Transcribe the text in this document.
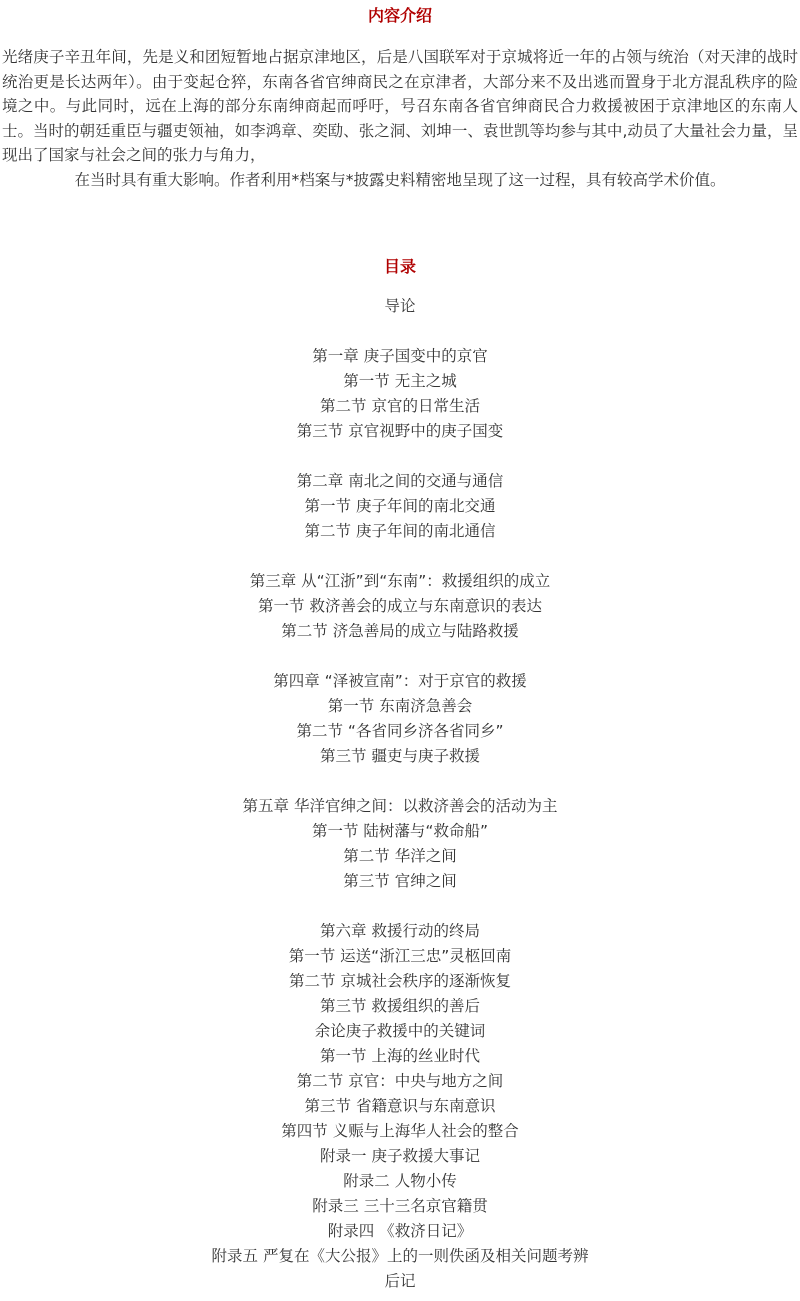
内容介绍

光绪庚子辛丑年间，先是义和团短暂地占据京津地区，后是八国联军对于京城将近一年的占领与统治（对天津的战时统治更是长达两年）。由于变起仓猝，东南各省官绅商民之在京津者，大部分来不及出逃而置身于北方混乱秩序的险境之中。与此同时，远在上海的部分东南绅商起而呼吁，号召东南各省官绅商民合力救援被困于京津地区的东南人士。当时的朝廷重臣与疆吏领袖，如李鸿章、奕劻、张之洞、刘坤一、袁世凯等均参与其中,动员了大量社会力量，呈现出了国家与社会之间的张力与角力，
在当时具有重大影响。作者利用*档案与*披露史料精密地呈现了这一过程，具有较高学术价值。

目录
导论
第一章 庚子国变中的京官
第一节 无主之城
第二节 京官的日常生活
第三节 京官视野中的庚子国变
第二章 南北之间的交通与通信
第一节 庚子年间的南北交通
第二节 庚子年间的南北通信
第三章 从“江浙”到“东南”：救援组织的成立
第一节 救济善会的成立与东南意识的表达
第二节 济急善局的成立与陆路救援
第四章 “泽被宣南”：对于京官的救援
第一节 东南济急善会
第二节 “各省同乡济各省同乡”
第三节 疆吏与庚子救援
第五章 华洋官绅之间：以救济善会的活动为主
第一节 陆树藩与“救命船”
第二节 华洋之间
第三节 官绅之间
第六章 救援行动的终局
第一节 运送“浙江三忠”灵柩回南
第二节 京城社会秩序的逐渐恢复
第三节 救援组织的善后
余论庚子救援中的关键词
第一节 上海的丝业时代
第二节 京官：中央与地方之间
第三节 省籍意识与东南意识
第四节 义赈与上海华人社会的整合
附录一 庚子救援大事记
附录二 人物小传
附录三 三十三名京官籍贯
附录四 《救济日记》
附录五 严复在《大公报》上的一则佚函及相关问题考辨
后记
